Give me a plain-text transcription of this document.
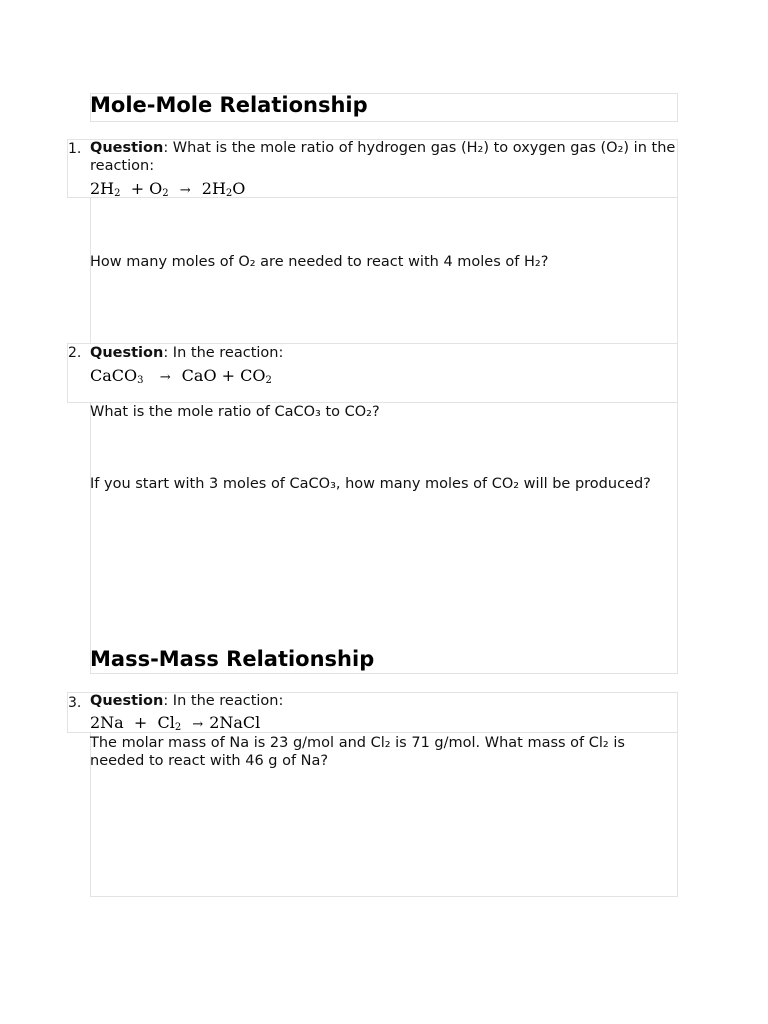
Mole-Mole Relationship
1. Question: What is the mole ratio of hydrogen gas (H₂) to oxygen gas (O₂) in the reaction:
$2H_2 + O_2 \to 2H_2O$
How many moles of O₂ are needed to react with 4 moles of H₂?
2. Question: In the reaction:
CaCO$_3$ → CaO + $CO_2$
What is the mole ratio of CaCO₃ to CO₂?
If you start with 3 moles of CaCO₃, how many moles of CO₂ will be produced?
Mass-Mass Relationship
3. Question: In the reaction:
$2Na + Cl_2$ → 2NaCl
The molar mass of Na is 23 g/mol and Cl₂ is 71 g/mol. What mass of Cl₂ is needed to react with 46 g of Na?
